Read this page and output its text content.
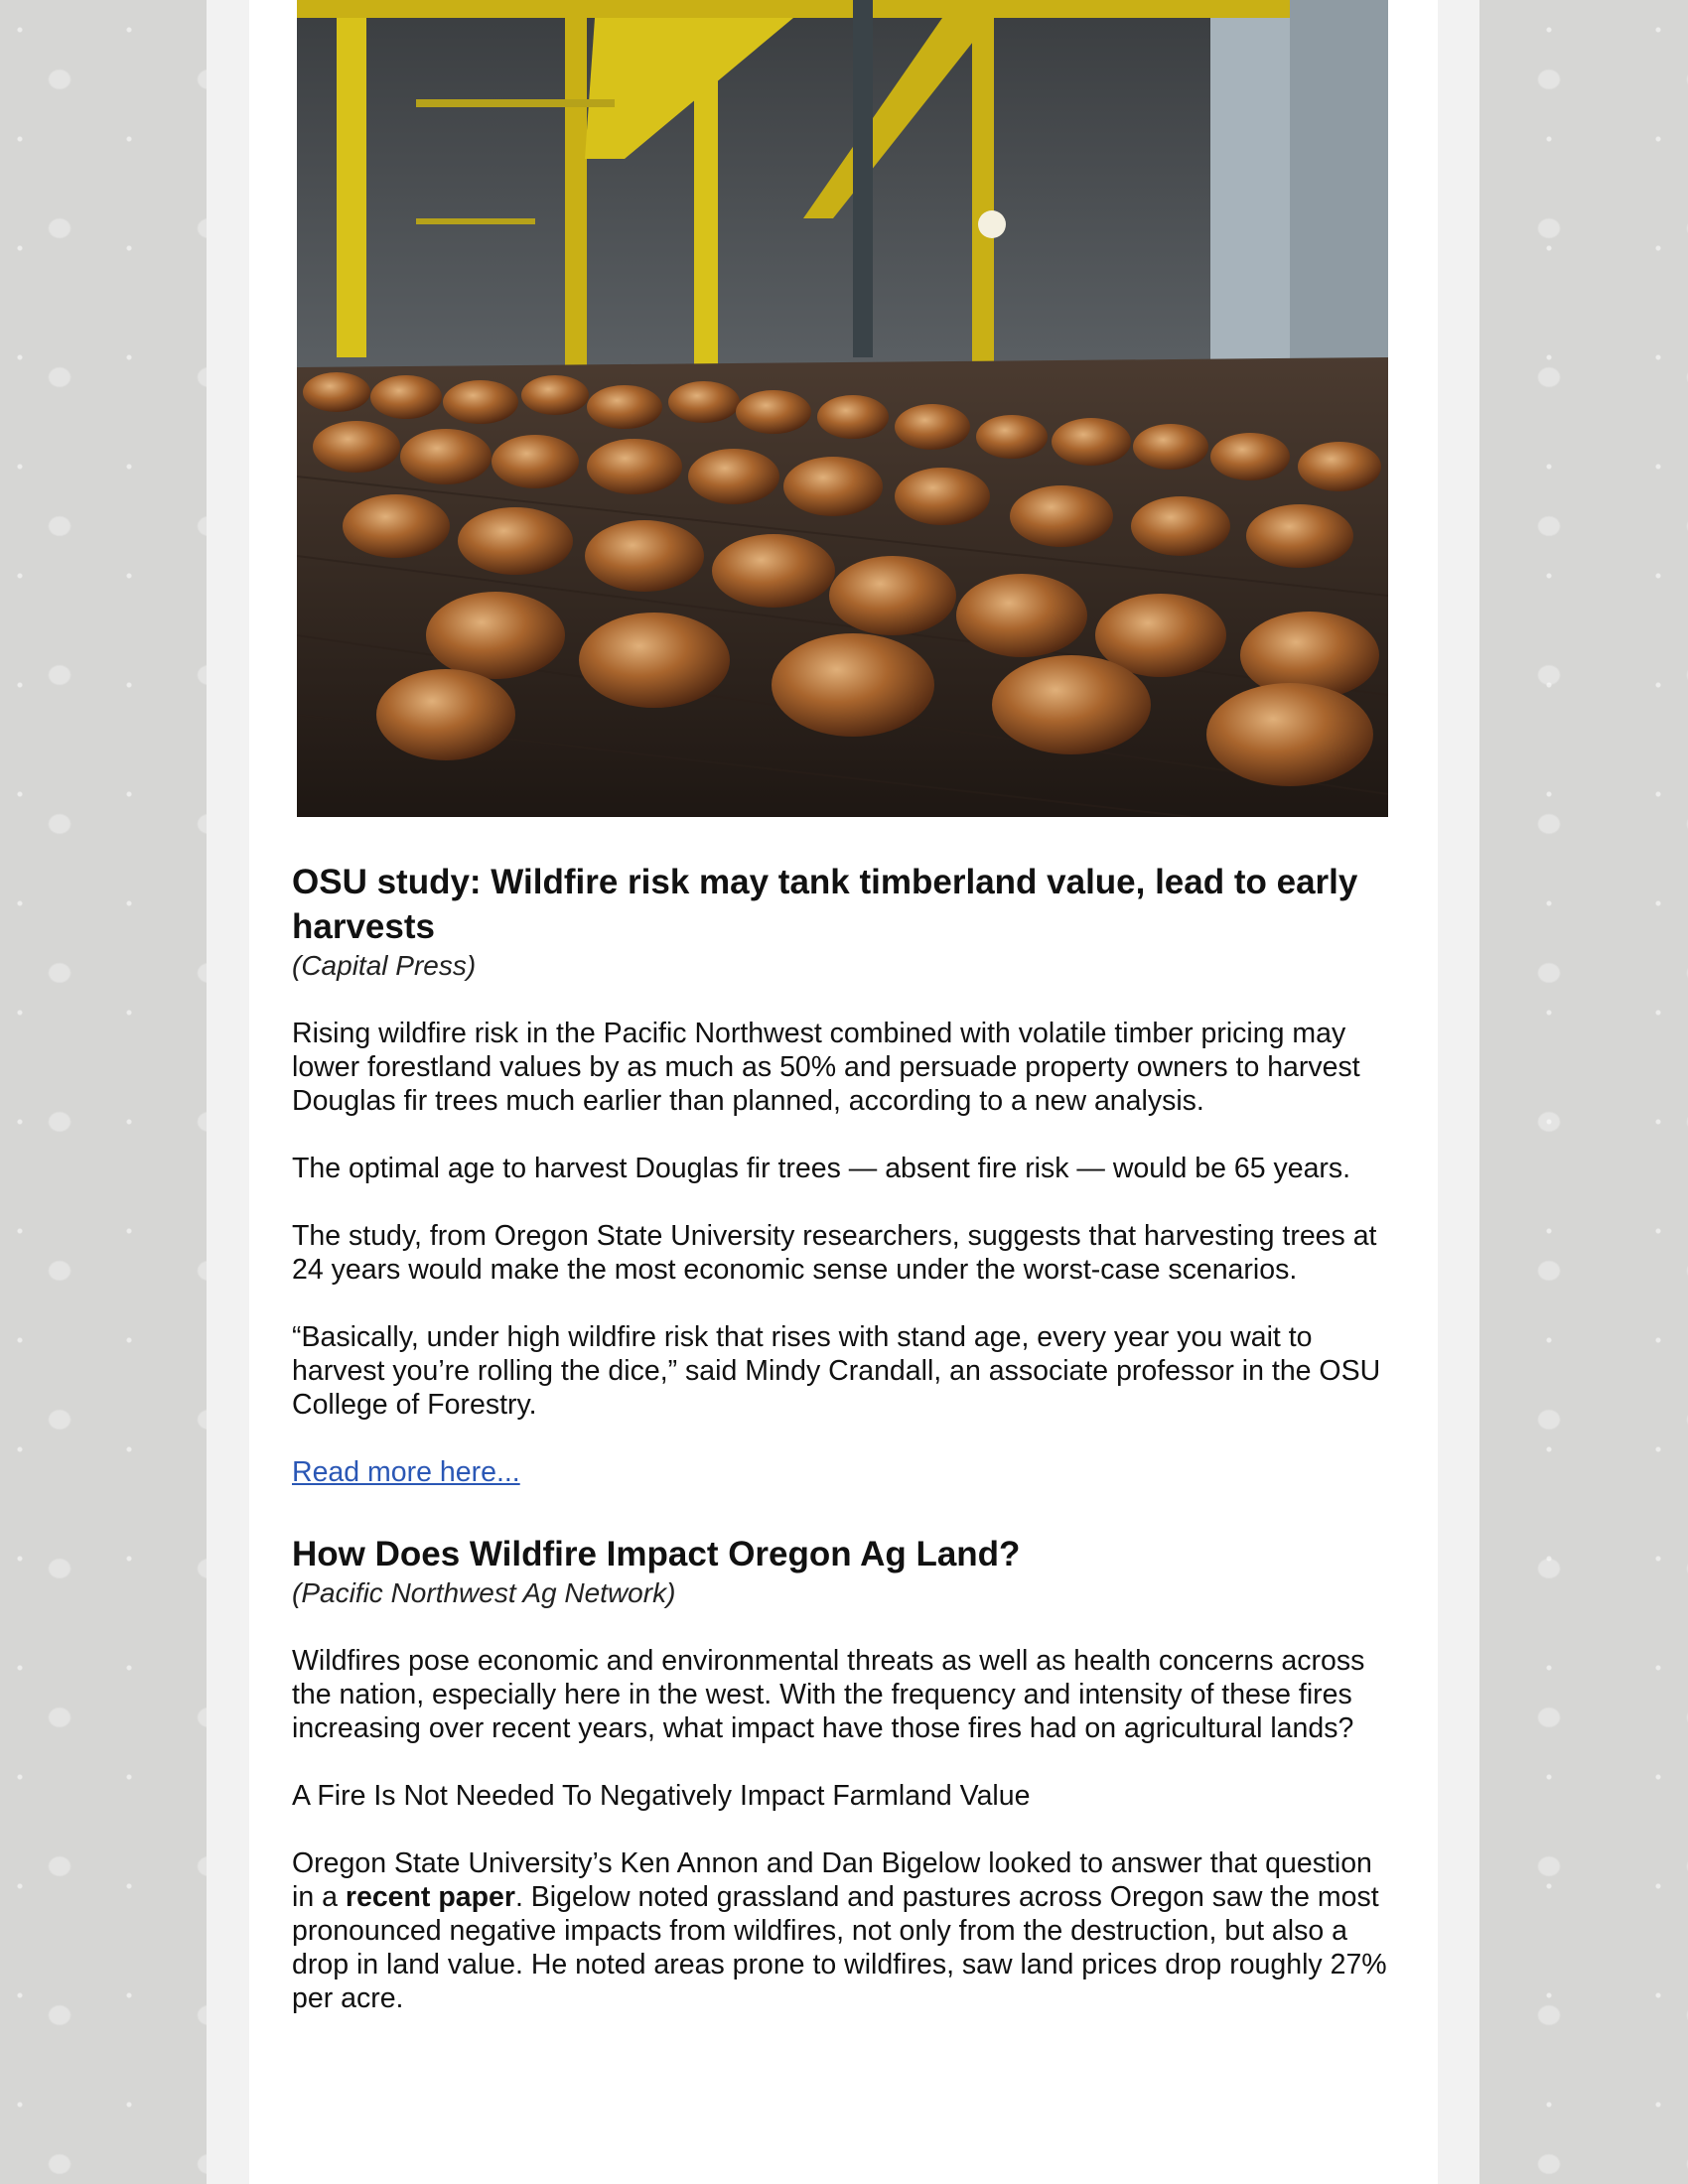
OSU study: Wildfire risk may tank timberland value, lead to early harvests
(Capital Press)

Rising wildfire risk in the Pacific Northwest combined with volatile timber pricing may lower forestland values by as much as 50% and persuade property owners to harvest Douglas fir trees much earlier than planned, according to a new analysis.

The optimal age to harvest Douglas fir trees — absent fire risk — would be 65 years.

The study, from Oregon State University researchers, suggests that harvesting trees at 24 years would make the most economic sense under the worst-case scenarios.

“Basically, under high wildfire risk that rises with stand age, every year you wait to harvest you’re rolling the dice,” said Mindy Crandall, an associate professor in the OSU College of Forestry.

Read more here...
How Does Wildfire Impact Oregon Ag Land?
(Pacific Northwest Ag Network)

Wildfires pose economic and environmental threats as well as health concerns across the nation, especially here in the west. With the frequency and intensity of these fires increasing over recent years, what impact have those fires had on agricultural lands?

A Fire Is Not Needed To Negatively Impact Farmland Value

Oregon State University’s Ken Annon and Dan Bigelow looked to answer that question in a recent paper. Bigelow noted grassland and pastures across Oregon saw the most pronounced negative impacts from wildfires, not only from the destruction, but also a drop in land value. He noted areas prone to wildfires, saw land prices drop roughly 27% per acre.
